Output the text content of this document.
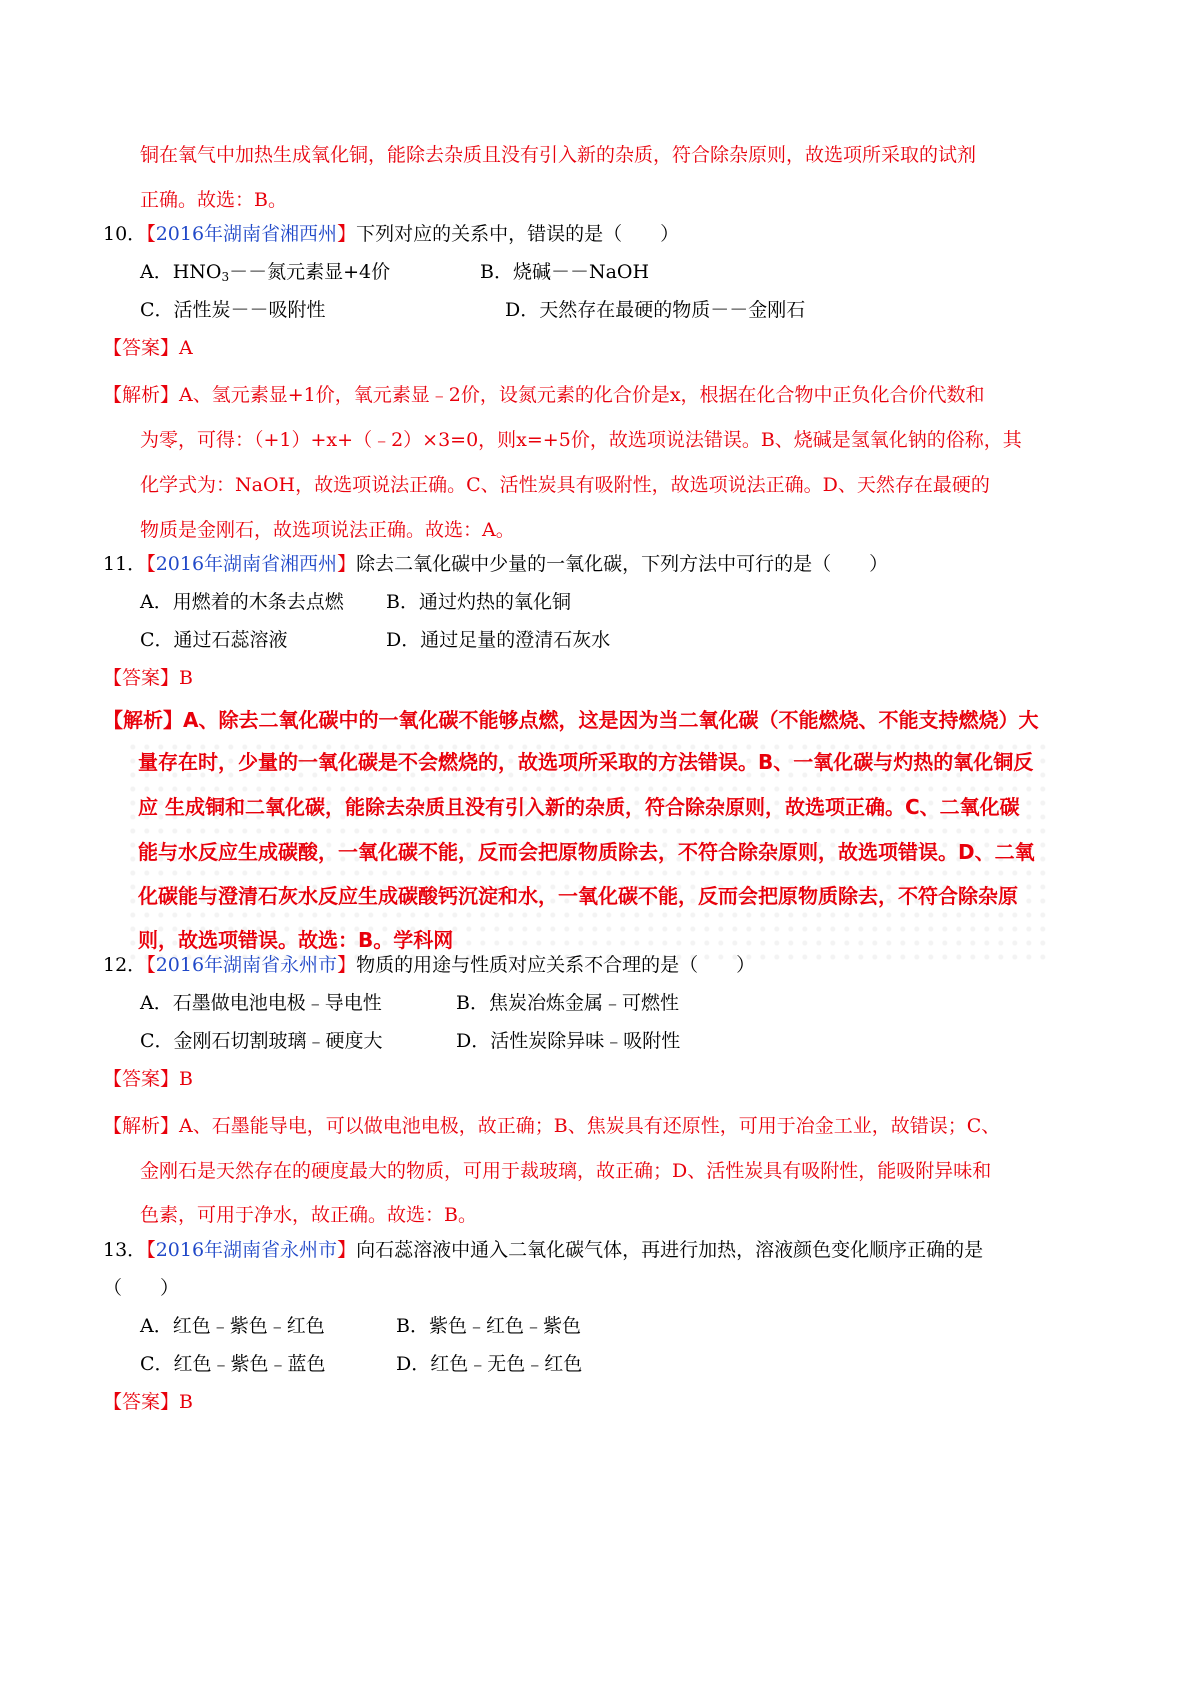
铜在氧气中加热生成氧化铜，能除去杂质且没有引入新的杂质，符合除杂原则，故选项所采取的试剂
正确。故选：B。
10．【2016年湖南省湘西州】下列对应的关系中，错误的是（　　）
A．$HNO_3--$氮元素显+4价	B．烧碱－－NaOH
C．活性炭－－吸附性	D．天然存在最硬的物质－－金刚石
【答案】A
【解析】A、氢元素显+1价，氧元素显﹣2价，设氮元素的化合价是x，根据在化合物中正负化合价代数和
为零，可得：（+1）+x+（﹣2）×3=0，则x=+5价，故选项说法错误。B、烧碱是氢氧化钠的俗称，其
化学式为：NaOH，故选项说法正确。C、活性炭具有吸附性，故选项说法正确。D、天然存在最硬的
物质是金刚石，故选项说法正确。故选：A。
11．【2016年湖南省湘西州】除去二氧化碳中少量的一氧化碳，下列方法中可行的是（　　）
A．用燃着的木条去点燃 B．通过灼热的氧化铜
C．通过石蕊溶液	D．通过足量的澄清石灰水
【答案】B
【解析】A、除去二氧化碳中的一氧化碳不能够点燃，这是因为当二氧化碳（不能燃烧、不能支持燃烧）大
量存在时，少量的一氧化碳是不会燃烧的，故选项所采取的方法错误。B、一氧化碳与灼热的氧化铜反
应 生成铜和二氧化碳，能除去杂质且没有引入新的杂质，符合除杂原则，故选项正确。C、二氧化碳
能与水反应生成碳酸，一氧化碳不能，反而会把原物质除去，不符合除杂原则，故选项错误。D、二氧
化碳能与澄清石灰水反应生成碳酸钙沉淀和水，一氧化碳不能，反而会把原物质除去，不符合除杂原
则，故选项错误。故选：B。学科网
12．【2016年湖南省永州市】物质的用途与性质对应关系不合理的是（　　）
A．石墨做电池电极﹣导电性	B．焦炭冶炼金属﹣可燃性
C．金刚石切割玻璃﹣硬度大	D．活性炭除异味﹣吸附性
【答案】B
【解析】A、石墨能导电，可以做电池电极，故正确；B、焦炭具有还原性，可用于冶金工业，故错误；C、
金刚石是天然存在的硬度最大的物质，可用于裁玻璃，故正确；D、活性炭具有吸附性，能吸附异味和
色素，可用于净水，故正确。故选：B。
13．【2016年湖南省永州市】向石蕊溶液中通入二氧化碳气体，再进行加热，溶液颜色变化顺序正确的是
（　　）
A．红色﹣紫色﹣红色	B．紫色﹣红色﹣紫色
C．红色﹣紫色﹣蓝色	D．红色﹣无色﹣红色
【答案】B
